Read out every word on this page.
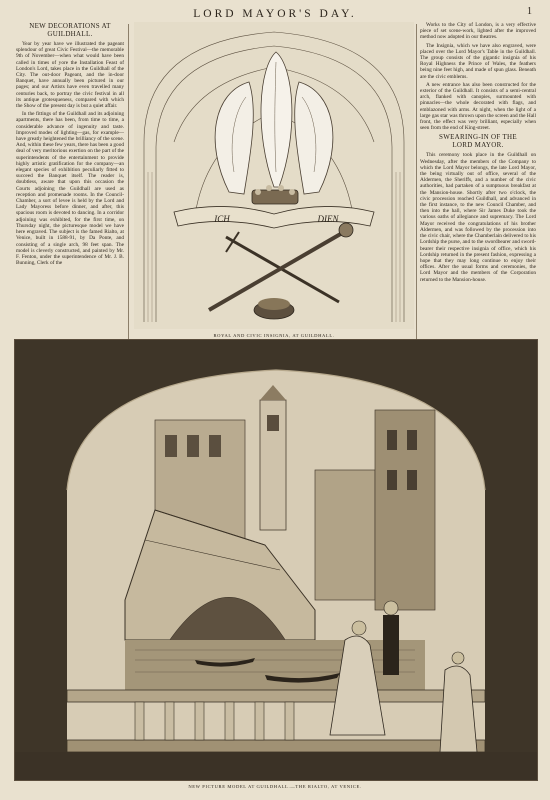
LORD MAYOR'S DAY.	1
NEW DECORATIONS AT
GUILDHALL.

Year by year have we illustrated the pageant splendour of great Civic Festival—the memorable 9th of November—when what would have been called in times of yore the Installation Feast of London's Lord, takes place in the Guildhall of the City. The out-door Pageant, and the in-door Banquet, have annually been pictured in our pages; and our Artists have even travelled many centuries back, to portray the civic festival in all its antique grotesqueness, compared with which the Show of the present day is but a quiet affair.

In the fittings of the Guildhall and its adjoining apartments, there has been, from time to time, a considerable advance of ingenuity and taste. Improved modes of lighting—gas, for example—have greatly heightened the brilliancy of the scene. And, within these few years, there has been a good deal of very meritorious exertion on the part of the superintendents of the entertainment to provide highly artistic gratification for the company—an elegant species of exhibition peculiarly fitted to succeed the Banquet itself. The reader is, doubtless, aware that upon this occasion the Courts adjoining the Guildhall are used as reception and promenade rooms. In the Council-Chamber, a sort of levee is held by the Lord and Lady Mayoress before dinner, and after, this spacious room is devoted to dancing. In a corridor adjoining was exhibited, for the first time, on Thursday night, the picturesque model we have here engraved. The subject is the famed Rialto, at Venice, built in 1588-91, by Da Ponte, and consisting of a single arch, 98 feet span. The model is cleverly constructed, and painted by Mr. F. Fenton, under the superintendence of Mr. J. B. Bunning, Clerk of the

ICH	DIEN
ROYAL AND CIVIC INSIGNIA, AT GUILDHALL.

Works to the City of London, is a very effective piece of set scene-work, lighted after the improved method now adopted in our theatres.

The Insignia, which we have also engraved, were placed over the Lord Mayor's Table in the Guildhall. The group consists of the gigantic insignia of his Royal Highness the Prince of Wales, the feathers being nine feet high, and made of spun glass. Beneath are the civic emblems.

A new entrance has also been constructed for the exterior of the Guildhall. It consists of a semi-central arch, flanked with canopies, surmounted with pinnacles—the whole decorated with flags, and emblazoned with arms. At night, when the light of a large gas star was thrown upon the screen and the Hall front, the effect was very brilliant, especially when seen from the end of King-street.

SWEARING-IN OF THE
LORD MAYOR.

This ceremony took place in the Guildhall on Wednesday, after the members of the Company to which the Lord Mayor belongs, the late Lord Mayor, the being virtually out of office, several of the Aldermen, the Sheriffs, and a number of the civic authorities, had partaken of a sumptuous breakfast at the Mansion-house. Shortly after two o'clock, the civic procession reached Guildhall, and advanced in the first instance, to the new Council Chamber, and then into the hall, where Sir James Duke took the various oaths of allegiance and supremacy. The Lord Mayor received the congratulations of his brother Aldermen, and was followed by the procession into the civic chair, where the Chamberlain delivered to his Lordship the purse, and to the swordbearer and sword-bearer their respective insignia of office, which his Lordship returned in the present fashion, expressing a hope that they may long continue to enjoy their offices. After the usual forms and ceremonies, the Lord Mayor and the members of the Corporation returned to the Mansion-house.

NEW PICTURE MODEL AT GUILDHALL.—THE RIALTO, AT VENICE.
